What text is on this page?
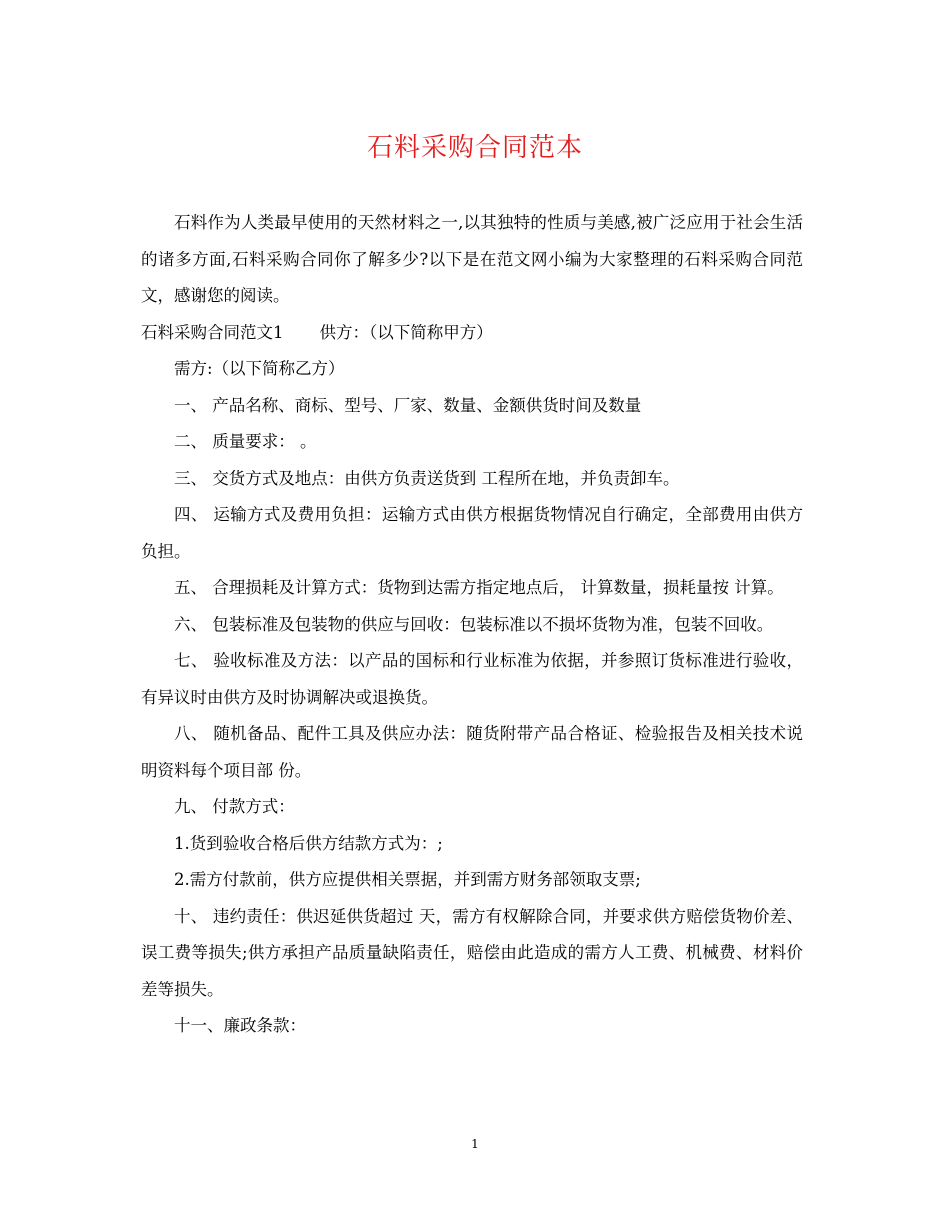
石料采购合同范本

石料作为人类最早使用的天然材料之一,以其独特的性质与美感,被广泛应用于社会生活的诸多方面,石料采购合同你了解多少?以下是在范文网小编为大家整理的石料采购合同范文，感谢您的阅读。

石料采购合同范文1 供方：（以下简称甲方）

需方:（以下简称乙方）

一、 产品名称、商标、型号、厂家、数量、金额供货时间及数量

二、 质量要求： 。

三、 交货方式及地点：由供方负责送货到 工程所在地，并负责卸车。

四、 运输方式及费用负担：运输方式由供方根据货物情况自行确定，全部费用由供方负担。

五、 合理损耗及计算方式：货物到达需方指定地点后， 计算数量，损耗量按 计算。

六、 包装标准及包装物的供应与回收：包装标准以不损坏货物为准，包装不回收。

七、 验收标准及方法：以产品的国标和行业标准为依据，并参照订货标准进行验收，有异议时由供方及时协调解决或退换货。

八、 随机备品、配件工具及供应办法：随货附带产品合格证、检验报告及相关技术说明资料每个项目部 份。

九、 付款方式：

1.货到验收合格后供方结款方式为：;

2.需方付款前，供方应提供相关票据，并到需方财务部领取支票;

十、 违约责任：供迟延供货超过 天，需方有权解除合同，并要求供方赔偿货物价差、误工费等损失;供方承担产品质量缺陷责任，赔偿由此造成的需方人工费、机械费、材料价差等损失。

十一、廉政条款：

1
